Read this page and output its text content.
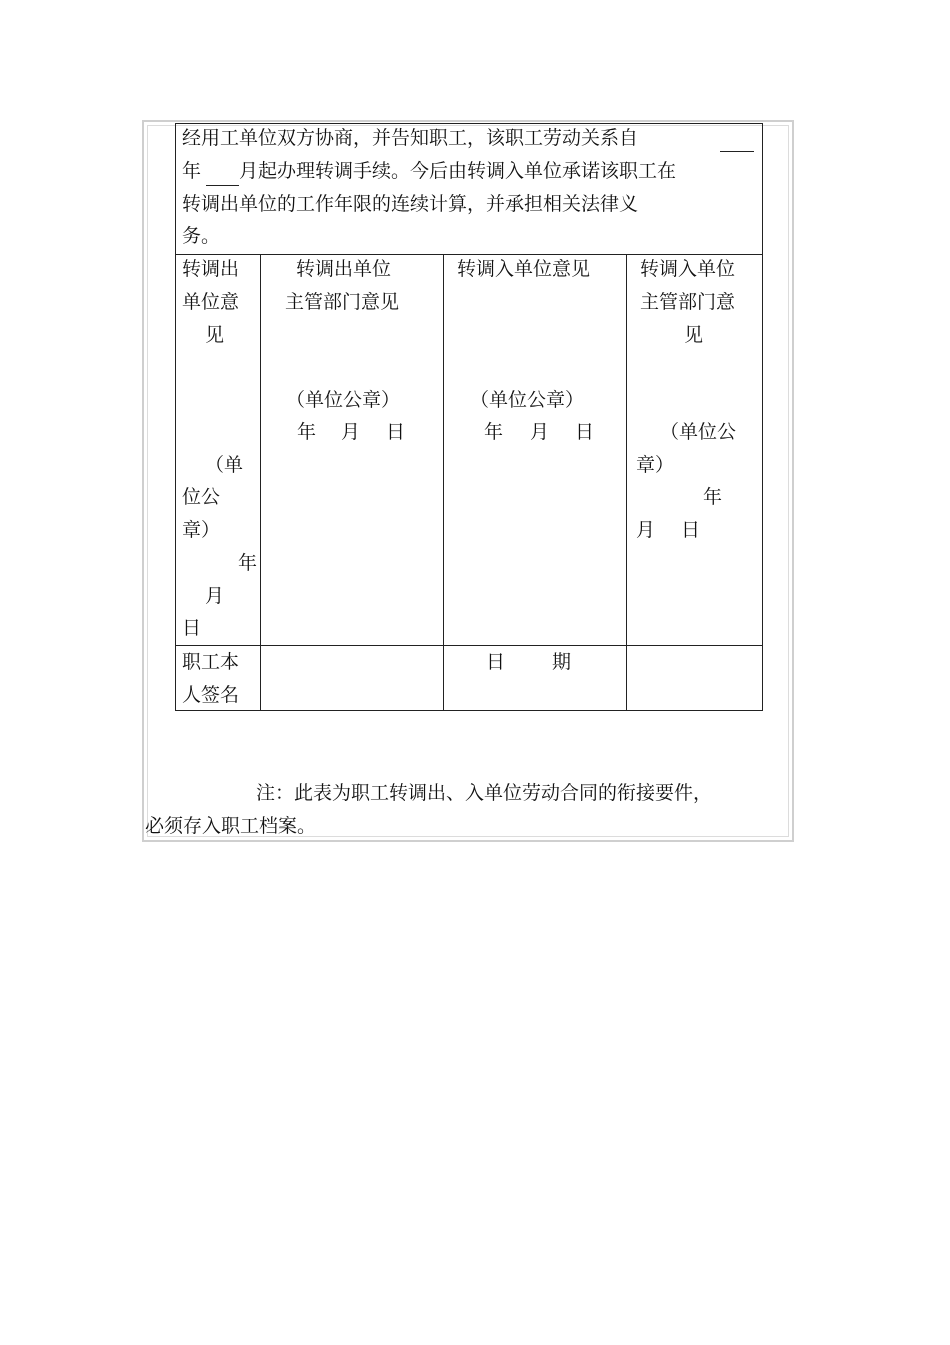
经用工单位双方协商，并告知职工，该职工劳动关系自
年 月起办理转调手续。今后由转调入单位承诺该职工在
转调出单位的工作年限的连续计算，并承担相关法律义
务。
转调出
单位意
见
（单
位公
章）
年
月
日
转调出单位
主管部门意见
（单位公章）
年 月 日
转调入单位意见
（单位公章）
年 月 日
转调入单位
主管部门意
见
（单位公
章）
年
月 日
职工本
人签名
日 期
注：此表为职工转调出、入单位劳动合同的衔接要件，
必须存入职工档案。
